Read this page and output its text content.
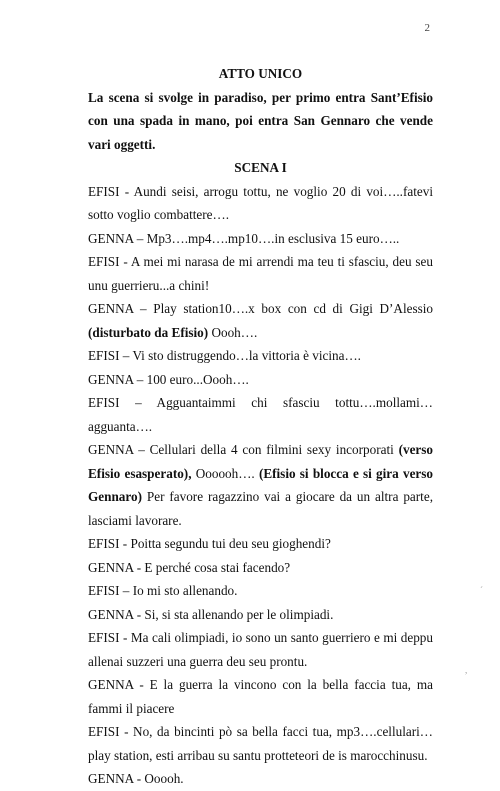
2
´
,
ATTO UNICO
La scena si svolge in paradiso, per primo entra Sant’Efisio con una spada in mano, poi entra San Gennaro che vende vari oggetti.
SCENA I
EFISI - Aundi seisi, arrogu tottu, ne voglio 20 di voi…..fatevi sotto voglio combattere….
GENNA – Mp3….mp4….mp10….in esclusiva 15 euro…..
EFISI - A mei mi narasa de mi arrendi ma teu ti sfasciu, deu seu unu guerrieru...a chini!
GENNA – Play station10….x box con cd di Gigi D’Alessio (disturbato da Efisio) Oooh….
EFISI – Vi sto distruggendo…la vittoria è vicina….
GENNA – 100 euro...Oooh….
EFISI – Agguantaimmi chi sfasciu tottu….mollami…agguanta….
GENNA – Cellulari della 4 con filmini sexy incorporati (verso Efisio esasperato), Oooooh…. (Efisio si blocca e si gira verso Gennaro) Per favore ragazzino vai a giocare da un altra parte, lasciami lavorare.
EFISI - Poitta segundu tui deu seu gioghendi?
GENNA - E perché cosa stai facendo?
EFISI – Io mi sto allenando.
GENNA - Si, si sta allenando per le olimpiadi.
EFISI - Ma cali olimpiadi, io sono un santo guerriero e mi deppu allenai suzzeri una guerra deu seu prontu.
GENNA - E la guerra la vincono con la bella faccia tua, ma fammi il piacere
EFISI - No, da bincinti pò sa bella facci tua, mp3….cellulari…play station, esti arribau su santu protteteori de is marocchinusu.
GENNA - Ooooh.
